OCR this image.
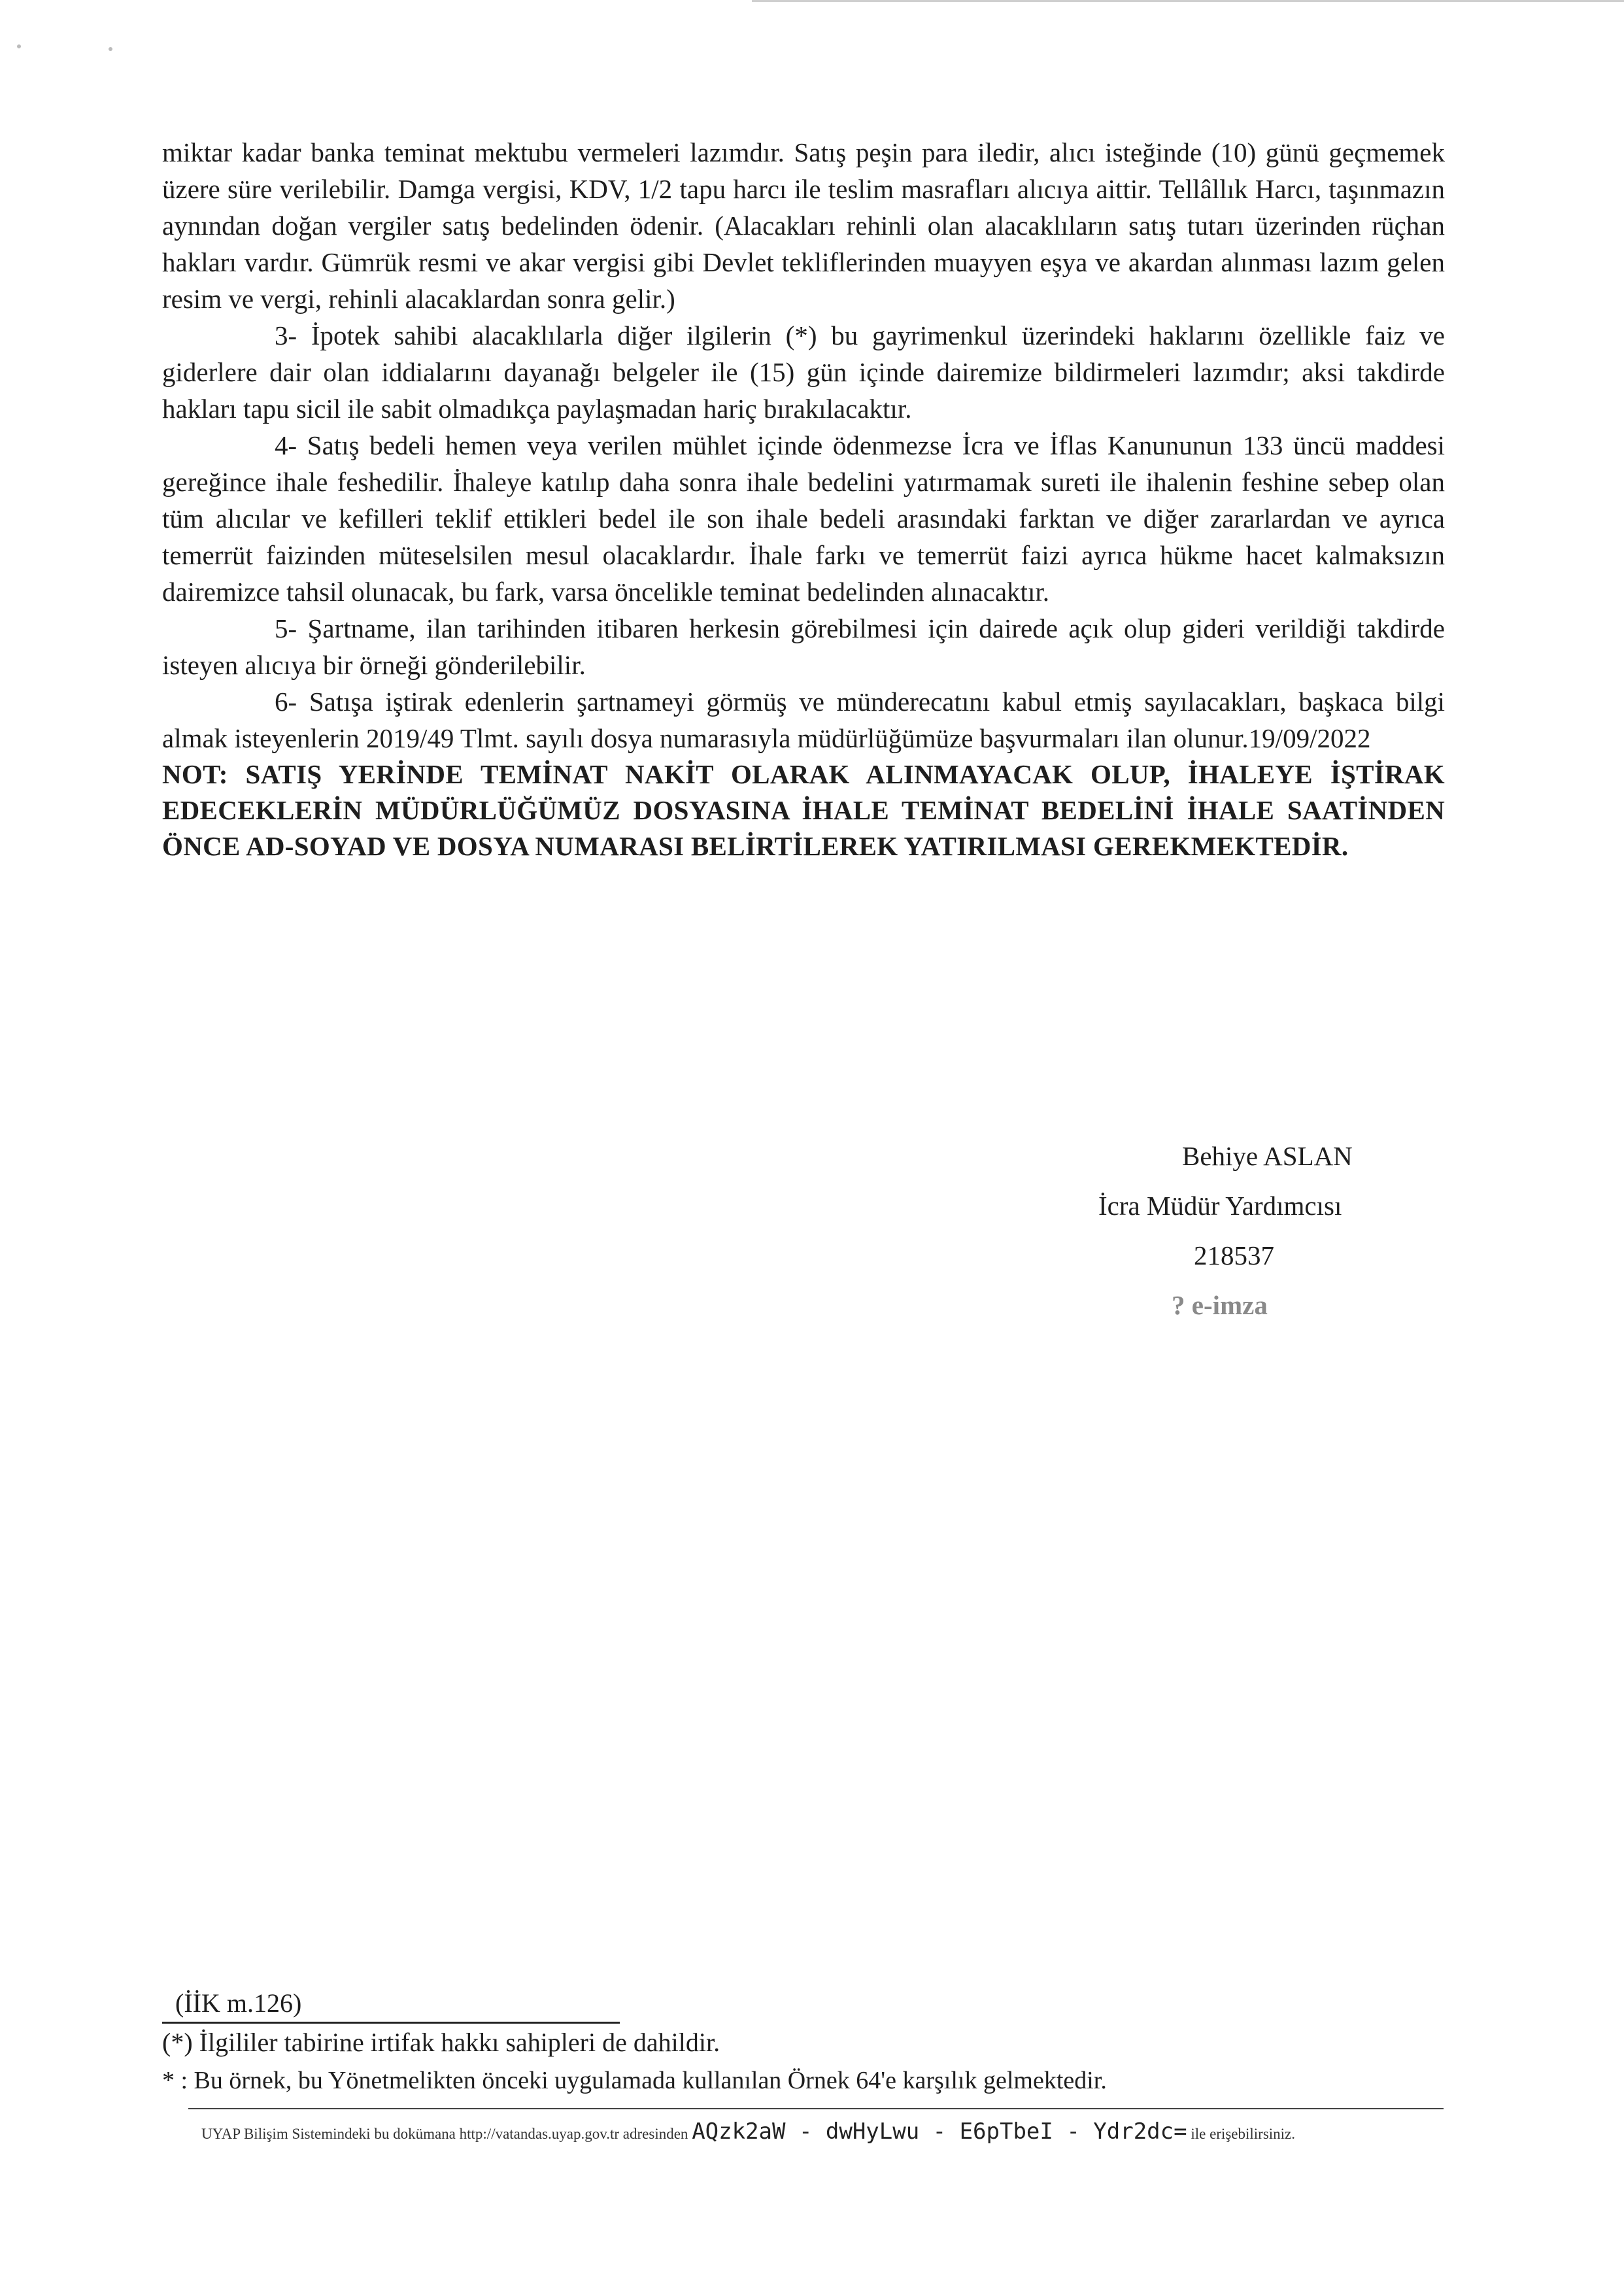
miktar kadar banka teminat mektubu vermeleri lazımdır. Satış peşin para iledir, alıcı isteğinde (10) günü geçmemek üzere süre verilebilir. Damga vergisi, KDV, 1/2 tapu harcı ile teslim masrafları alıcıya aittir. Tellâllık Harcı, taşınmazın aynından doğan vergiler satış bedelinden ödenir. (Alacakları rehinli olan alacaklıların satış tutarı üzerinden rüçhan hakları vardır. Gümrük resmi ve akar vergisi gibi Devlet tekliflerinden muayyen eşya ve akardan alınması lazım gelen resim ve vergi, rehinli alacaklardan sonra gelir.)

3- İpotek sahibi alacaklılarla diğer ilgilerin (*) bu gayrimenkul üzerindeki haklarını özellikle faiz ve giderlere dair olan iddialarını dayanağı belgeler ile (15) gün içinde dairemize bildirmeleri lazımdır; aksi takdirde hakları tapu sicil ile sabit olmadıkça paylaşmadan hariç bırakılacaktır.

4- Satış bedeli hemen veya verilen mühlet içinde ödenmezse İcra ve İflas Kanununun 133 üncü maddesi gereğince ihale feshedilir. İhaleye katılıp daha sonra ihale bedelini yatırmamak sureti ile ihalenin feshine sebep olan tüm alıcılar ve kefilleri teklif ettikleri bedel ile son ihale bedeli arasındaki farktan ve diğer zararlardan ve ayrıca temerrüt faizinden müteselsilen mesul olacaklardır. İhale farkı ve temerrüt faizi ayrıca hükme hacet kalmaksızın dairemizce tahsil olunacak, bu fark, varsa öncelikle teminat bedelinden alınacaktır.

5- Şartname, ilan tarihinden itibaren herkesin görebilmesi için dairede açık olup gideri verildiği takdirde isteyen alıcıya bir örneği gönderilebilir.

6- Satışa iştirak edenlerin şartnameyi görmüş ve münderecatını kabul etmiş sayılacakları, başkaca bilgi almak isteyenlerin 2019/49 Tlmt. sayılı dosya numarasıyla müdürlüğümüze başvurmaları ilan olunur.19/09/2022

NOT: SATIŞ YERİNDE TEMİNAT NAKİT OLARAK ALINMAYACAK OLUP, İHALEYE İŞTİRAK EDECEKLERİN MÜDÜRLÜĞÜMÜZ DOSYASINA İHALE TEMİNAT BEDELİNİ İHALE SAATİNDEN ÖNCE AD-SOYAD VE DOSYA NUMARASI BELİRTİLEREK YATIRILMASI GEREKMEKTEDİR.

Behiye ASLAN
İcra Müdür Yardımcısı
218537
? e-imza
(İİK m.126)
(*) İlgililer tabirine irtifak hakkı sahipleri de dahildir.
* : Bu örnek, bu Yönetmelikten önceki uygulamada kullanılan Örnek 64'e karşılık gelmektedir.
UYAP Bilişim Sistemindeki bu dokümana http://vatandas.uyap.gov.tr adresinden AQzk2aW - dwHyLwu - E6pTbeI - Ydr2dc= ile erişebilirsiniz.
